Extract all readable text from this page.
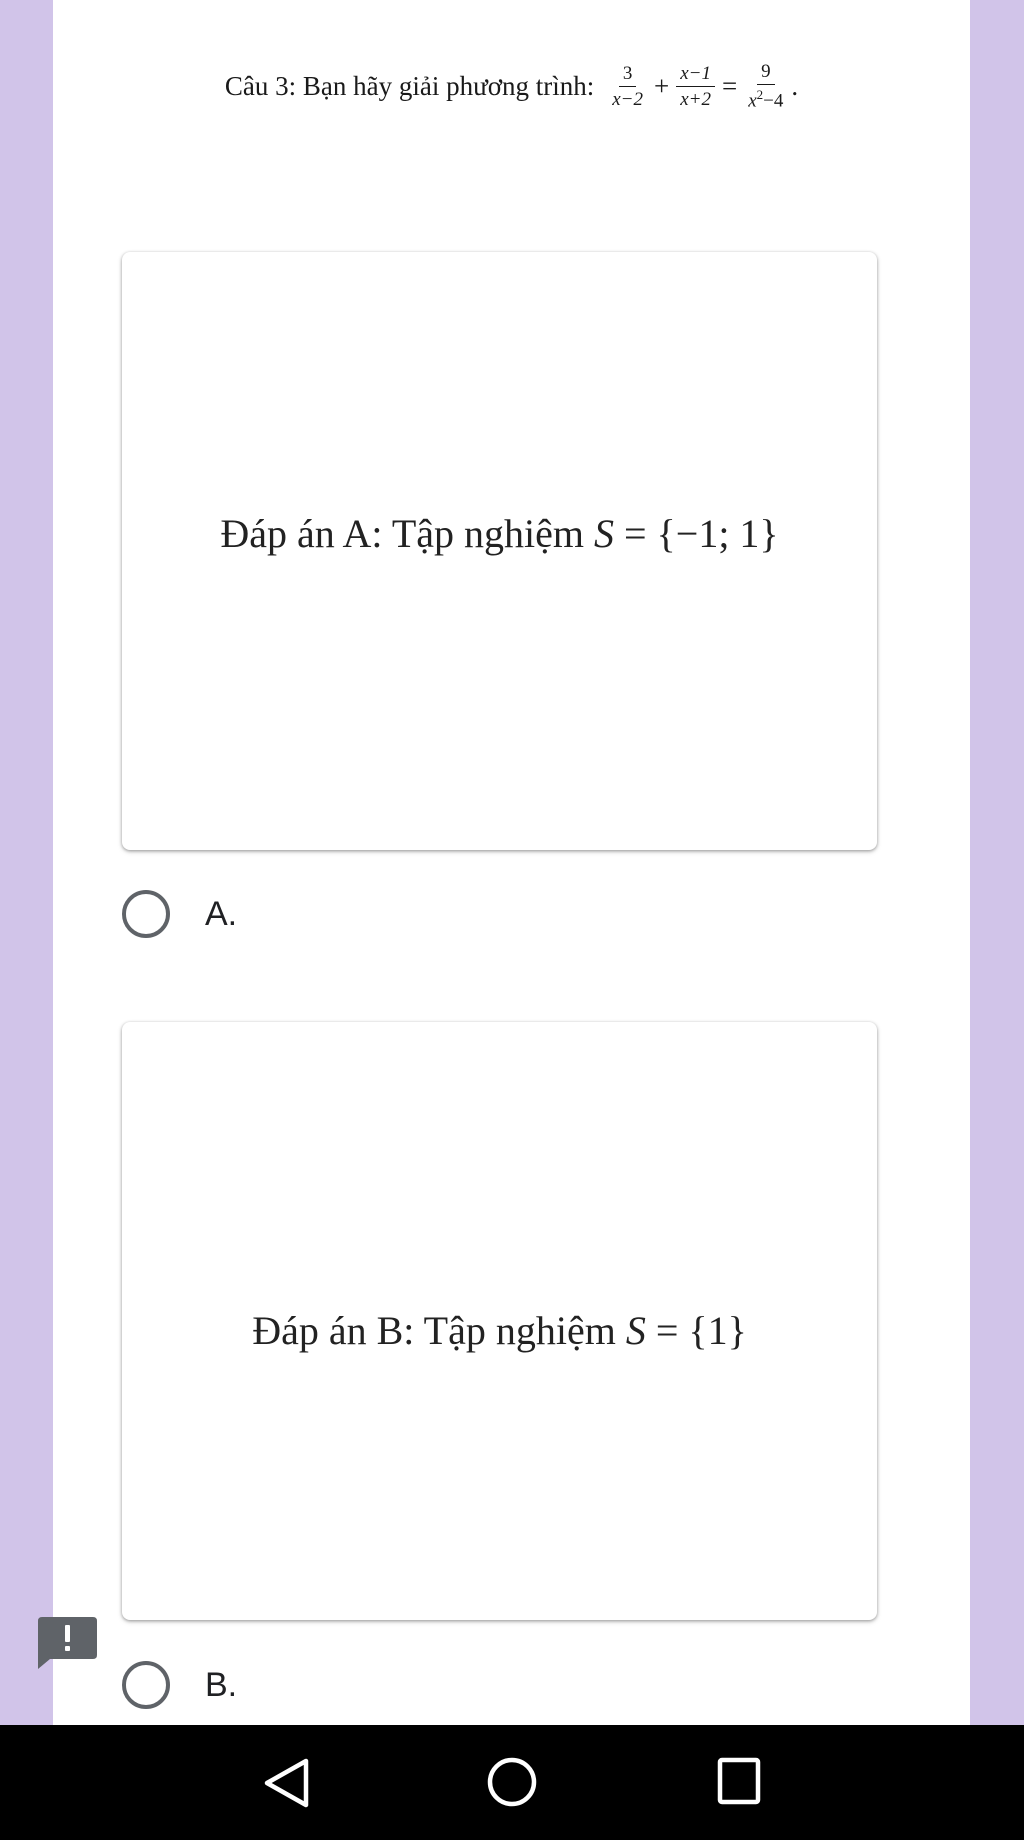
Câu 3: Bạn hãy giải phương trình: $\frac{3}{x-2} + \frac{x-1}{x+2} = \frac{9}{x^2-4}$ .
Đáp án A: Tập nghiệm S = {−1; 1}
A.
Đáp án B: Tập nghiệm S = {1}
B.
